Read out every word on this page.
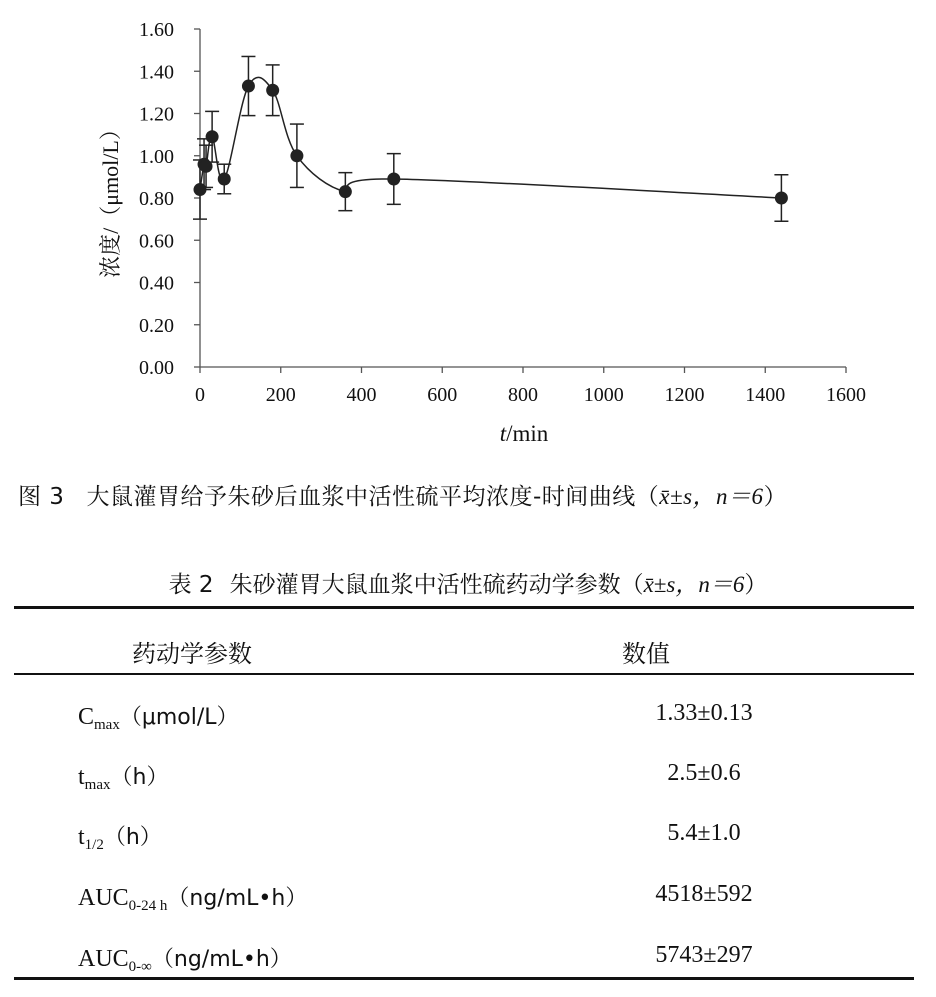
0.00
0.20
0.40
0.60
0.80
1.00
1.20
1.40
1.60
0	200	400	600	800 1000 1200 1400 1600
浓度/（μmol/L）
t/min
图 3 大鼠灌胃给予朱砂后血浆中活性硫平均浓度-时间曲线（x̄±s，n＝6）
表 2 朱砂灌胃大鼠血浆中活性硫药动学参数（x̄±s，n＝6）
药动学参数	数值
$C_{max}(\mu mol/L)$	1.33±0.13
$t_{max}(h)$	2.5±0.6
$t_{1/2}(h)$	5.4±1.0
$AUC_{0-24 h}(ng/mL•h)$	4518±592
$AUC_{0-\infty}(ng/mL•h)$	5743±297
